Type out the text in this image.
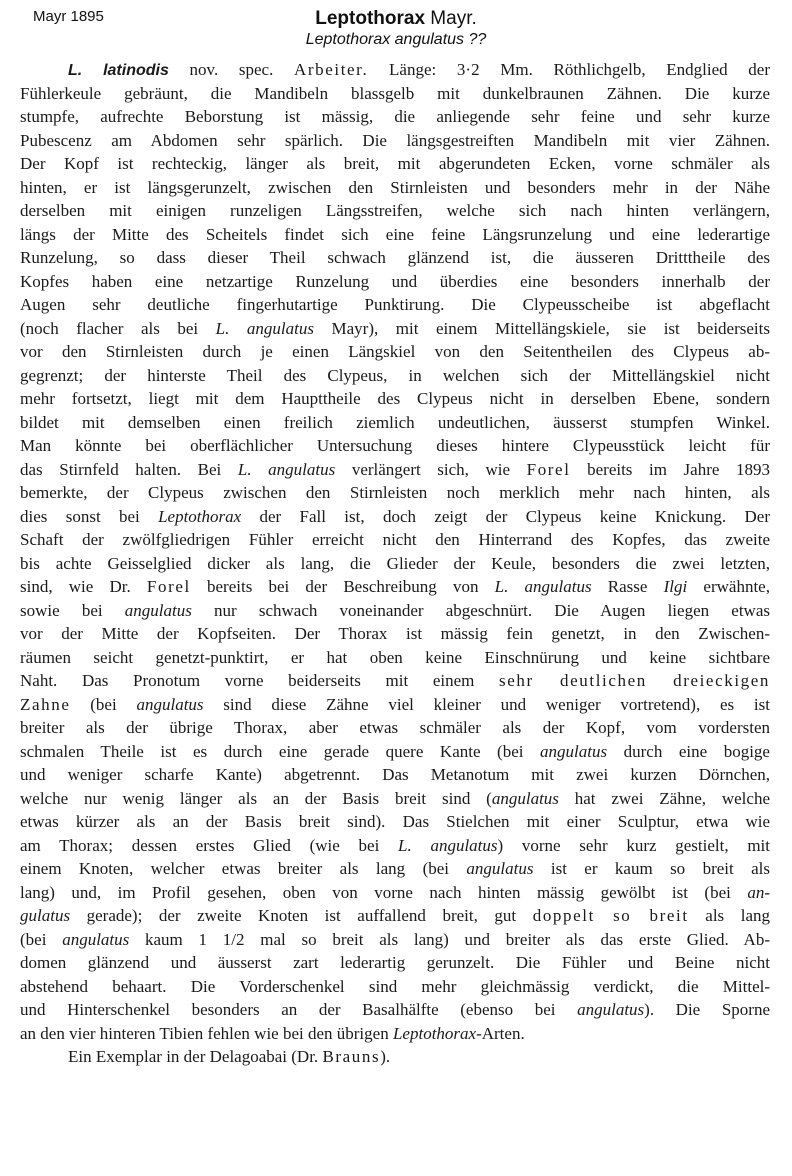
Mayr 1895	Leptothorax Mayr.
Leptothorax angulatus ??
L. latinodis nov. spec. Arbeiter. Länge: 3·2 Mm. Röthlichgelb, Endglied der
Fühlerkeule gebräunt, die Mandibeln blassgelb mit dunkelbraunen Zähnen. Die kurze
stumpfe, aufrechte Beborstung ist mässig, die anliegende sehr feine und sehr kurze
Pubescenz am Abdomen sehr spärlich. Die längsgestreiften Mandibeln mit vier Zähnen.
Der Kopf ist rechteckig, länger als breit, mit abgerundeten Ecken, vorne schmäler als
hinten, er ist längsgerunzelt, zwischen den Stirnleisten und besonders mehr in der Nähe
derselben mit einigen runzeligen Längsstreifen, welche sich nach hinten verlängern,
längs der Mitte des Scheitels findet sich eine feine Längsrunzelung und eine lederartige
Runzelung, so dass dieser Theil schwach glänzend ist, die äusseren Dritttheile des
Kopfes haben eine netzartige Runzelung und überdies eine besonders innerhalb der
Augen sehr deutliche fingerhutartige Punktirung. Die Clypeusscheibe ist abgeflacht
(noch flacher als bei L. angulatus Mayr), mit einem Mittellängskiele, sie ist beiderseits
vor den Stirnleisten durch je einen Längskiel von den Seitentheilen des Clypeus ab-
gegrenzt; der hinterste Theil des Clypeus, in welchen sich der Mittellängskiel nicht
mehr fortsetzt, liegt mit dem Haupttheile des Clypeus nicht in derselben Ebene, sondern
bildet mit demselben einen freilich ziemlich undeutlichen, äusserst stumpfen Winkel.
Man könnte bei oberflächlicher Untersuchung dieses hintere Clypeusstück leicht für
das Stirnfeld halten. Bei L. angulatus verlängert sich, wie Forel bereits im Jahre 1893
bemerkte, der Clypeus zwischen den Stirnleisten noch merklich mehr nach hinten, als
dies sonst bei Leptothorax der Fall ist, doch zeigt der Clypeus keine Knickung. Der
Schaft der zwölfgliedrigen Fühler erreicht nicht den Hinterrand des Kopfes, das zweite
bis achte Geisselglied dicker als lang, die Glieder der Keule, besonders die zwei letzten,
sind, wie Dr. Forel bereits bei der Beschreibung von L. angulatus Rasse Ilgi erwähnte,
sowie bei angulatus nur schwach voneinander abgeschnürt. Die Augen liegen etwas
vor der Mitte der Kopfseiten. Der Thorax ist mässig fein genetzt, in den Zwischen-
räumen seicht genetzt-punktirt, er hat oben keine Einschnürung und keine sichtbare
Naht. Das Pronotum vorne beiderseits mit einem sehr deutlichen dreieckigen
Zahne (bei angulatus sind diese Zähne viel kleiner und weniger vortretend), es ist
breiter als der übrige Thorax, aber etwas schmäler als der Kopf, vom vordersten
schmalen Theile ist es durch eine gerade quere Kante (bei angulatus durch eine bogige
und weniger scharfe Kante) abgetrennt. Das Metanotum mit zwei kurzen Dörnchen,
welche nur wenig länger als an der Basis breit sind (angulatus hat zwei Zähne, welche
etwas kürzer als an der Basis breit sind). Das Stielchen mit einer Sculptur, etwa wie
am Thorax; dessen erstes Glied (wie bei L. angulatus) vorne sehr kurz gestielt, mit
einem Knoten, welcher etwas breiter als lang (bei angulatus ist er kaum so breit als
lang) und, im Profil gesehen, oben von vorne nach hinten mässig gewölbt ist (bei an-
gulatus gerade); der zweite Knoten ist auffallend breit, gut doppelt so breit als lang
(bei angulatus kaum 1 1/2 mal so breit als lang) und breiter als das erste Glied. Ab-
domen glänzend und äusserst zart lederartig gerunzelt. Die Fühler und Beine nicht
abstehend behaart. Die Vorderschenkel sind mehr gleichmässig verdickt, die Mittel-
und Hinterschenkel besonders an der Basalhälfte (ebenso bei angulatus). Die Sporne
an den vier hinteren Tibien fehlen wie bei den übrigen Leptothorax-Arten.
Ein Exemplar in der Delagoabai (Dr. Brauns).
